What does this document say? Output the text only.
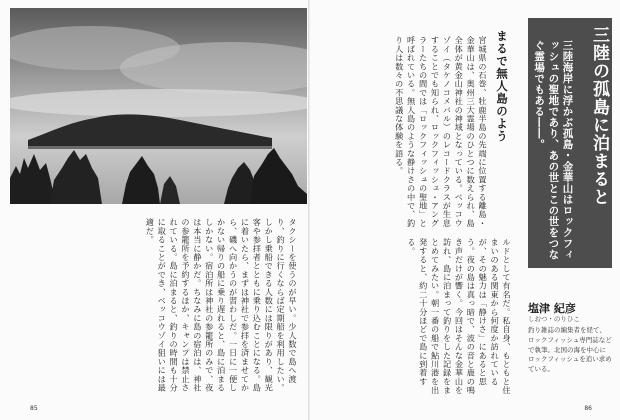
タクシーを使うのが早い。少人数で島へ渡り、釣りに行くならば定期船を利用したい。しかし乗船できる人数には限りがあり、観光客や参拝者とともに乗り込むことになる。島に着いたら、まずは神社で参拝を済ませてから、磯へ向かうのが習わしだ。一日に一便しかない帰りの船に乗り遅れると、島に泊まるしかない。宿泊所は神社の参籠所のみで、夜は本当に静かだ。ちなみに島の宿泊は、神社の参籠所を予約するほか、キャンプは禁止されている。島に泊まると、釣りの時間も十分に取ることができ、ベッコウゾイ狙いには最適だ。
85	86
三陸の孤島に泊まると
三陸海岸に浮かぶ孤島・金華山はロックフィッシュの聖地であり、あの世とこの世をつなぐ霊場でもある――。
まるで無人島のよう
宮城県の石巻、牡鹿半島の先端に位置する離島・金華山は、奥州三大霊場のひとつに数えられ、島全体が黄金山神社の神域となっている。ベッコウゾイ（タケノコメバル）のレコードクラスが生息することでも知られ、ロックフィッシュ・アングラーたちの間では「ロックフィッシュの聖地」と呼ばれている。無人島のような静けさの中で、釣り人は数々の不思議な体験を語る。
ルドとして有名だ。私自身、もともと住まいのある関東から何度か訪れているが、その魅力は「静けさ」にあると思う。夜の島は真っ暗で、波の音と鹿の鳴き声だけが響く。今回はそんな金華山を訪れ、島に泊まって釣りをした記録をまとめてみたい。朝一番の船で鮎川港を出発すると、約二十分ほどで島に到着する。
塩津 紀彦
しおつ・のりひこ
釣り雑誌の編集者を経て、ロックフィッシュ専門誌などで執筆。北国の海を中心にロックフィッシュを追い求めている。
